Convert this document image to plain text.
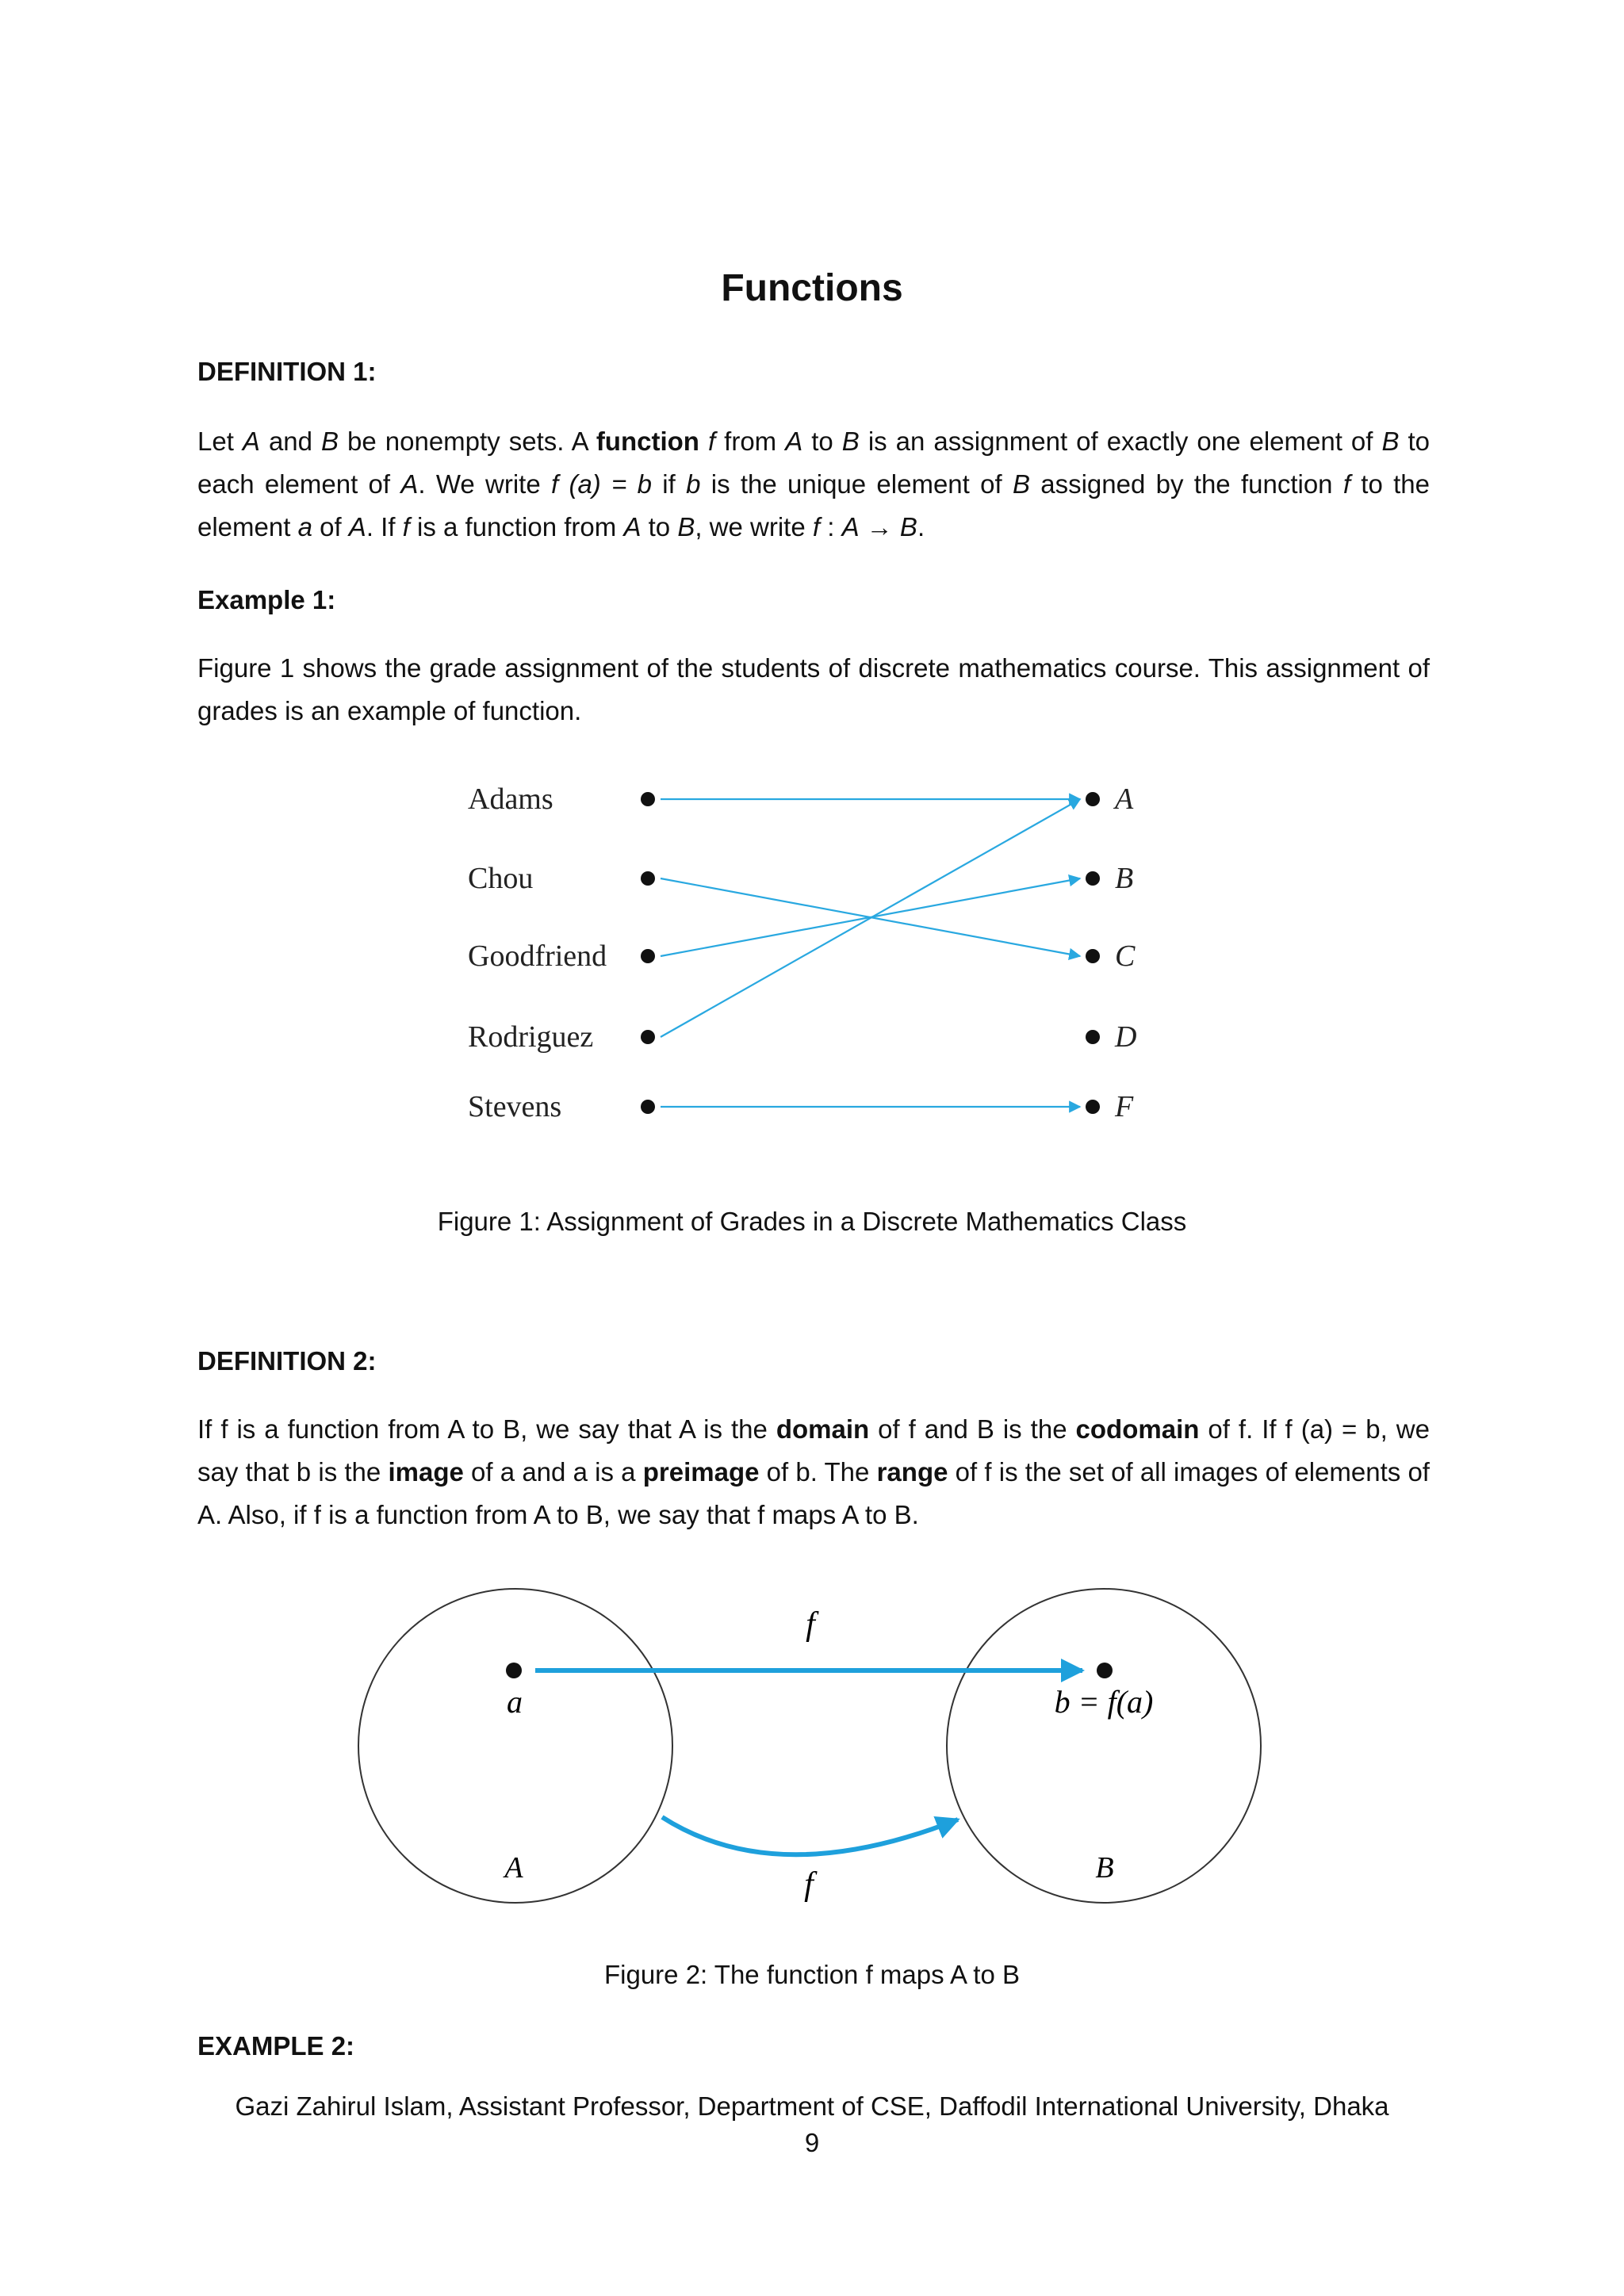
Functions
DEFINITION 1:
Let A and B be nonempty sets. A function f from A to B is an assignment of exactly one element of B to each element of A. We write f (a) = b if b is the unique element of B assigned by the function f to the element a of A. If f is a function from A to B, we write f : A → B.
Example 1:
Figure 1 shows the grade assignment of the students of discrete mathematics course. This assignment of grades is an example of function.
Adams
Chou
Goodfriend
Rodriguez
Stevens
A
B
C
D
F
Figure 1: Assignment of Grades in a Discrete Mathematics Class
DEFINITION 2:
If f is a function from A to B, we say that A is the domain of f and B is the codomain of f. If f (a) = b, we say that b is the image of a and a is a preimage of b. The range of f is the set of all images of elements of A. Also, if f is a function from A to B, we say that f maps A to B.
f
f
a	b = f(a)
A	B
Figure 2: The function f maps A to B
EXAMPLE 2:
Gazi Zahirul Islam, Assistant Professor, Department of CSE, Daffodil International University, Dhaka
9
